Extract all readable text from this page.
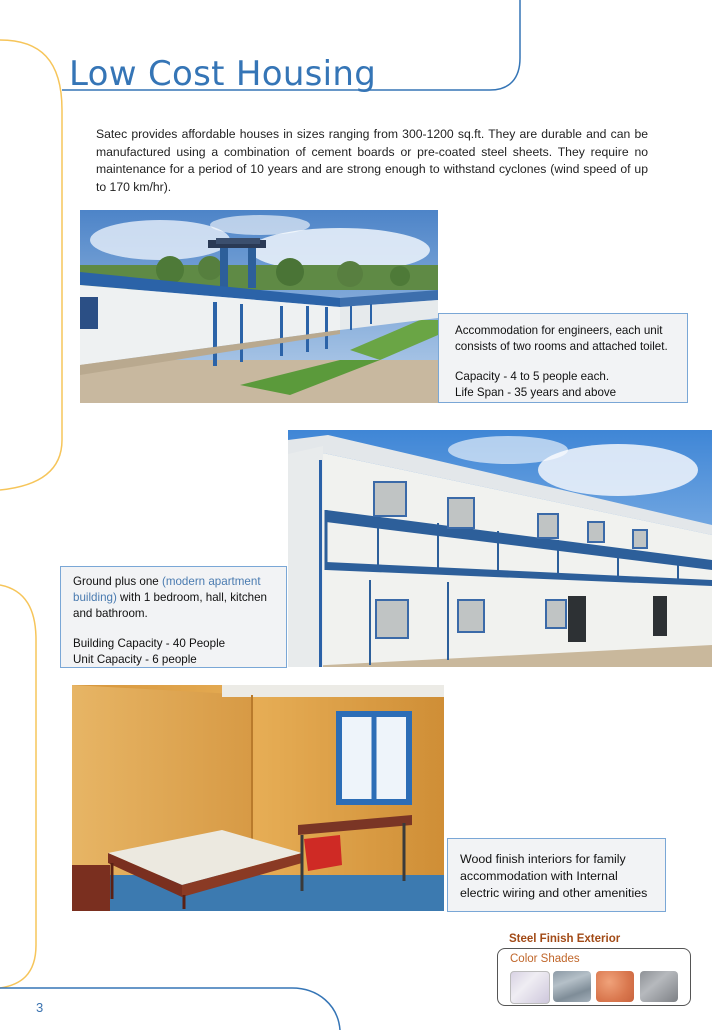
Low Cost Housing

Satec provides affordable houses in sizes ranging from 300-1200 sq.ft. They are durable and can be manufactured using a combination of cement boards or pre-coated steel sheets. They require no maintenance for a period of 10 years and are strong enough to withstand cyclones (wind speed of up to 170 km/hr).

Accommodation for engineers, each unit consists of two rooms and attached toilet.

Capacity - 4 to 5 people each.

Life Span - 35 years and above

Ground plus one (modern apartment building) with 1 bedroom, hall, kitchen and bathroom.

Building Capacity - 40 People

Unit Capacity - 6 people

Wood finish interiors for family accommodation with Internal electric wiring and other amenities

Steel Finish Exterior
Color Shades
3
